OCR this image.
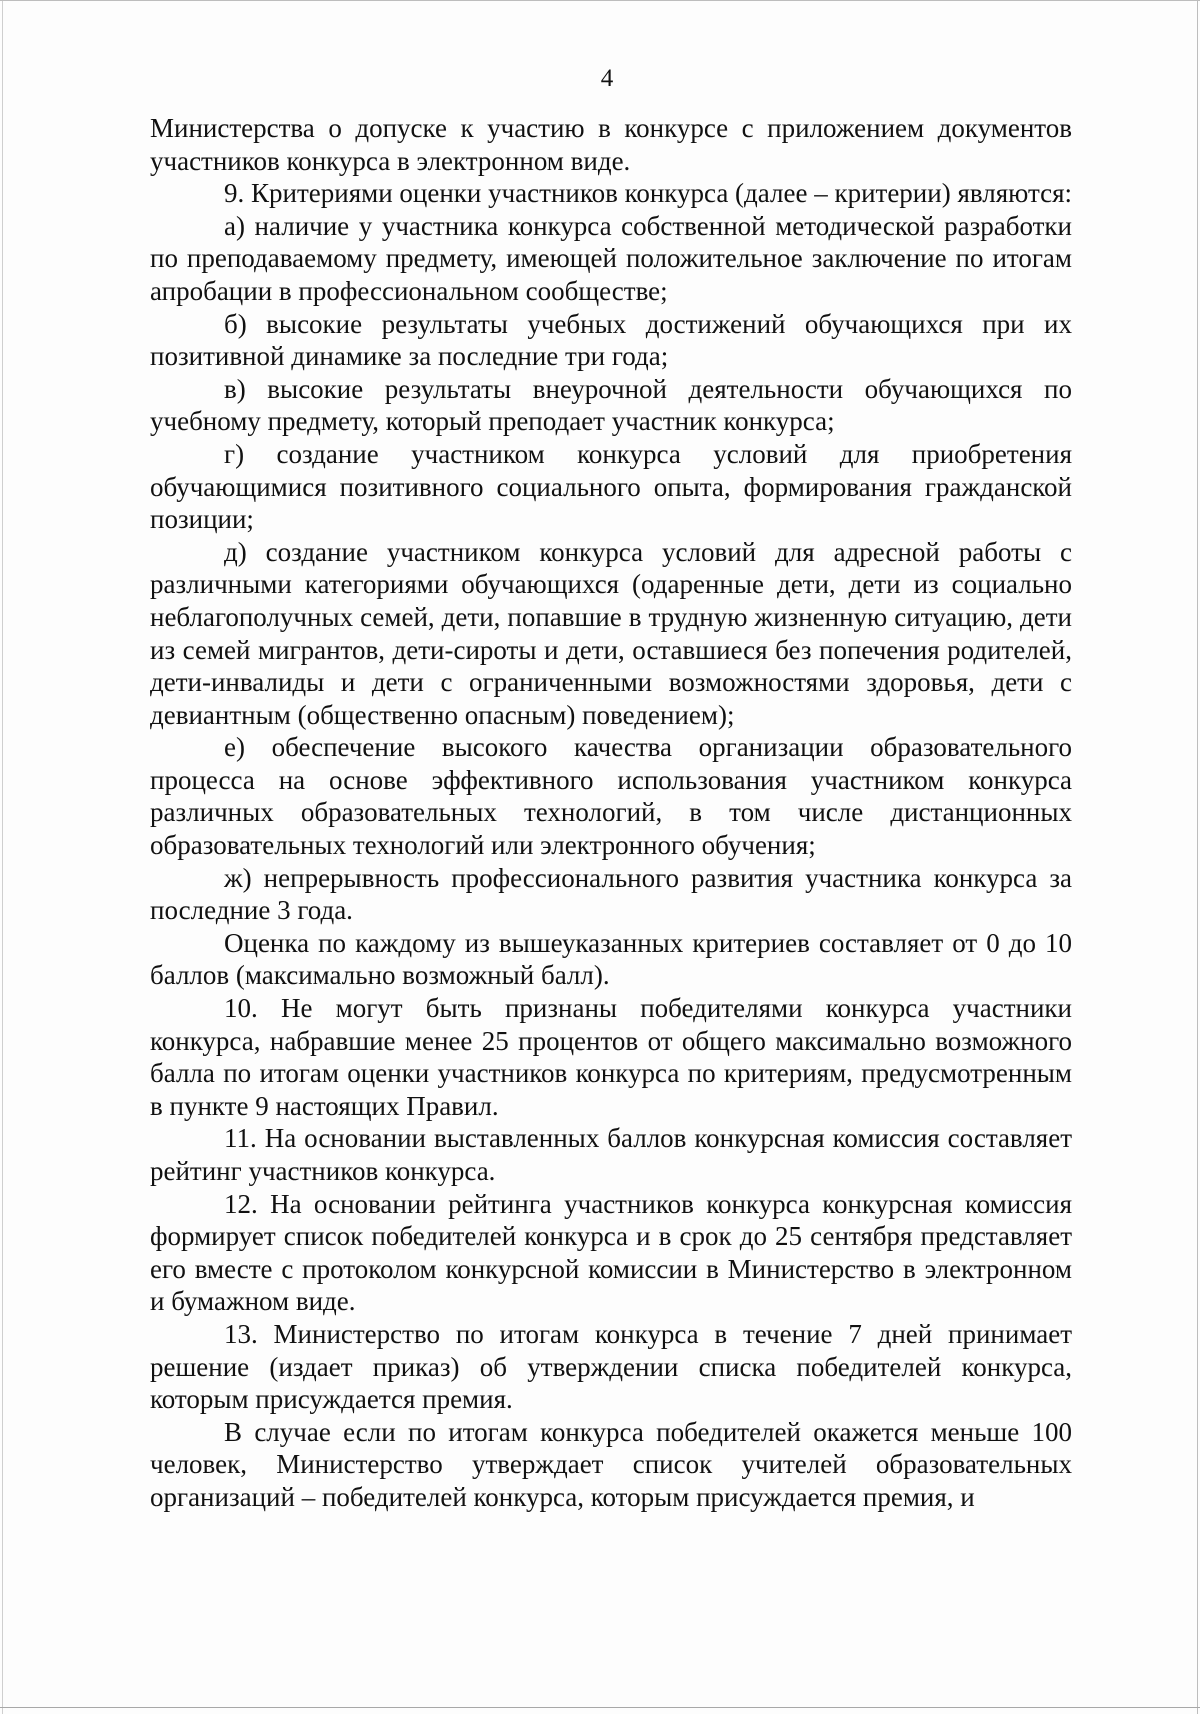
4

Министерства о допуске к участию в конкурсе с приложением документов участников конкурса в электронном виде.

9. Критериями оценки участников конкурса (далее – критерии) являются:

а) наличие у участника конкурса собственной методической разработки по преподаваемому предмету, имеющей положительное заключение по итогам апробации в профессиональном сообществе;

б) высокие результаты учебных достижений обучающихся при их позитивной динамике за последние три года;

в) высокие результаты внеурочной деятельности обучающихся по учебному предмету, который преподает участник конкурса;

г) создание участником конкурса условий для приобретения обучающимися позитивного социального опыта, формирования гражданской позиции;

д) создание участником конкурса условий для адресной работы с различными категориями обучающихся (одаренные дети, дети из социально неблагополучных семей, дети, попавшие в трудную жизненную ситуацию, дети из семей мигрантов, дети-сироты и дети, оставшиеся без попечения родителей, дети-инвалиды и дети с ограниченными возможностями здоровья, дети с девиантным (общественно опасным) поведением);

е) обеспечение высокого качества организации образовательного процесса на основе эффективного использования участником конкурса различных образовательных технологий, в том числе дистанционных образовательных технологий или электронного обучения;

ж) непрерывность профессионального развития участника конкурса за последние 3 года.

Оценка по каждому из вышеуказанных критериев составляет от 0 до 10 баллов (максимально возможный балл).

10. Не могут быть признаны победителями конкурса участники конкурса, набравшие менее 25 процентов от общего максимально возможного балла по итогам оценки участников конкурса по критериям, предусмотренным в пункте 9 настоящих Правил.

11. На основании выставленных баллов конкурсная комиссия составляет рейтинг участников конкурса.

12. На основании рейтинга участников конкурса конкурсная комиссия формирует список победителей конкурса и в срок до 25 сентября представляет его вместе с протоколом конкурсной комиссии в Министерство в электронном и бумажном виде.

13. Министерство по итогам конкурса в течение 7 дней принимает решение (издает приказ) об утверждении списка победителей конкурса, которым присуждается премия.

В случае если по итогам конкурса победителей окажется меньше 100 человек, Министерство утверждает список учителей образовательных организаций – победителей конкурса, которым присуждается премия, и
